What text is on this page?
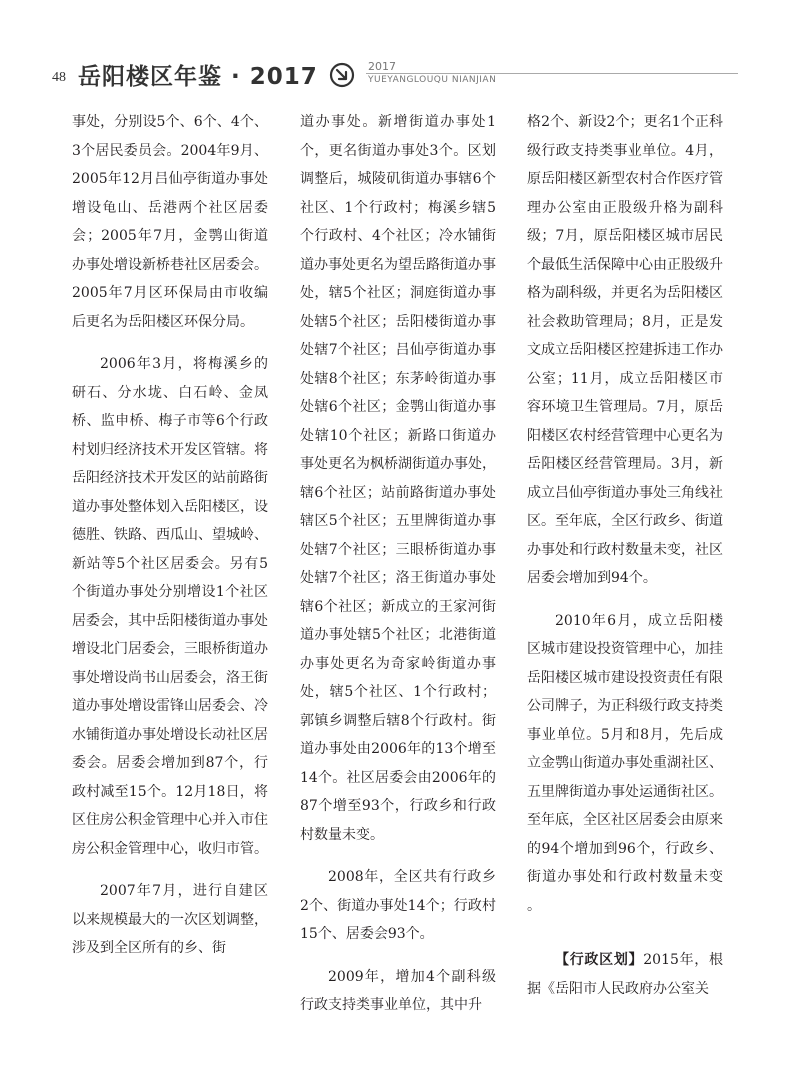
48 岳阳楼区年鉴 · 2017	2017
YUEYANGLOUQU NIANJIAN

事处，分别设5个、6个、4个、3个居民委员会。2004年9月、2005年12月吕仙亭街道办事处增设龟山、岳港两个社区居委会；2005年7月，金鹗山街道办事处增设新桥巷社区居委会。2005年7月区环保局由市收编后更名为岳阳楼区环保分局。

2006年3月，将梅溪乡的研石、分水垅、白石岭、金凤桥、监申桥、梅子市等6个行政村划归经济技术开发区管辖。将岳阳经济技术开发区的站前路街道办事处整体划入岳阳楼区，设德胜、铁路、西瓜山、望城岭、新站等5个社区居委会。另有5个街道办事处分别增设1个社区居委会，其中岳阳楼街道办事处增设北门居委会，三眼桥街道办事处增设尚书山居委会，洛王街道办事处增设雷锋山居委会、冷水铺街道办事处增设长动社区居委会。居委会增加到87个，行政村减至15个。12月18日，将区住房公积金管理中心并入市住房公积金管理中心，收归市管。

2007年7月，进行自建区以来规模最大的一次区划调整，涉及到全区所有的乡、街

道办事处。新增街道办事处1个，更名街道办事处3个。区划调整后，城陵矶街道办事辖6个社区、1个行政村；梅溪乡辖5个行政村、4个社区；冷水铺街道办事处更名为望岳路街道办事处，辖5个社区；洞庭街道办事处辖5个社区；岳阳楼街道办事处辖7个社区；吕仙亭街道办事处辖8个社区；东茅岭街道办事处辖6个社区；金鹗山街道办事处辖10个社区；新路口街道办事处更名为枫桥湖街道办事处，辖6个社区；站前路街道办事处辖区5个社区；五里牌街道办事处辖7个社区；三眼桥街道办事处辖7个社区；洛王街道办事处辖6个社区；新成立的王家河街道办事处辖5个社区；北港街道办事处更名为奇家岭街道办事处，辖5个社区、1个行政村；郭镇乡调整后辖8个行政村。街道办事处由2006年的13个增至14个。社区居委会由2006年的87个增至93个，行政乡和行政村数量未变。

2008年，全区共有行政乡2个、街道办事处14个；行政村15个、居委会93个。

2009年，增加4个副科级行政支持类事业单位，其中升

格2个、新设2个；更名1个正科级行政支持类事业单位。4月，原岳阳楼区新型农村合作医疗管理办公室由正股级升格为副科级；7月，原岳阳楼区城市居民个最低生活保障中心由正股级升格为副科级，并更名为岳阳楼区社会救助管理局；8月，正是发文成立岳阳楼区控建拆违工作办公室；11月，成立岳阳楼区市容环境卫生管理局。7月，原岳阳楼区农村经营管理中心更名为岳阳楼区经营管理局。3月，新成立吕仙亭街道办事处三角线社区。至年底，全区行政乡、街道办事处和行政村数量未变，社区居委会增加到94个。

2010年6月，成立岳阳楼区城市建设投资管理中心，加挂岳阳楼区城市建设投资责任有限公司牌子，为正科级行政支持类事业单位。5月和8月，先后成立金鹗山街道办事处重湖社区、五里牌街道办事处运通街社区。至年底，全区社区居委会由原来的94个增加到96个，行政乡、街道办事处和行政村数量未变 。

【行政区划】2015年，根据《岳阳市人民政府办公室关
